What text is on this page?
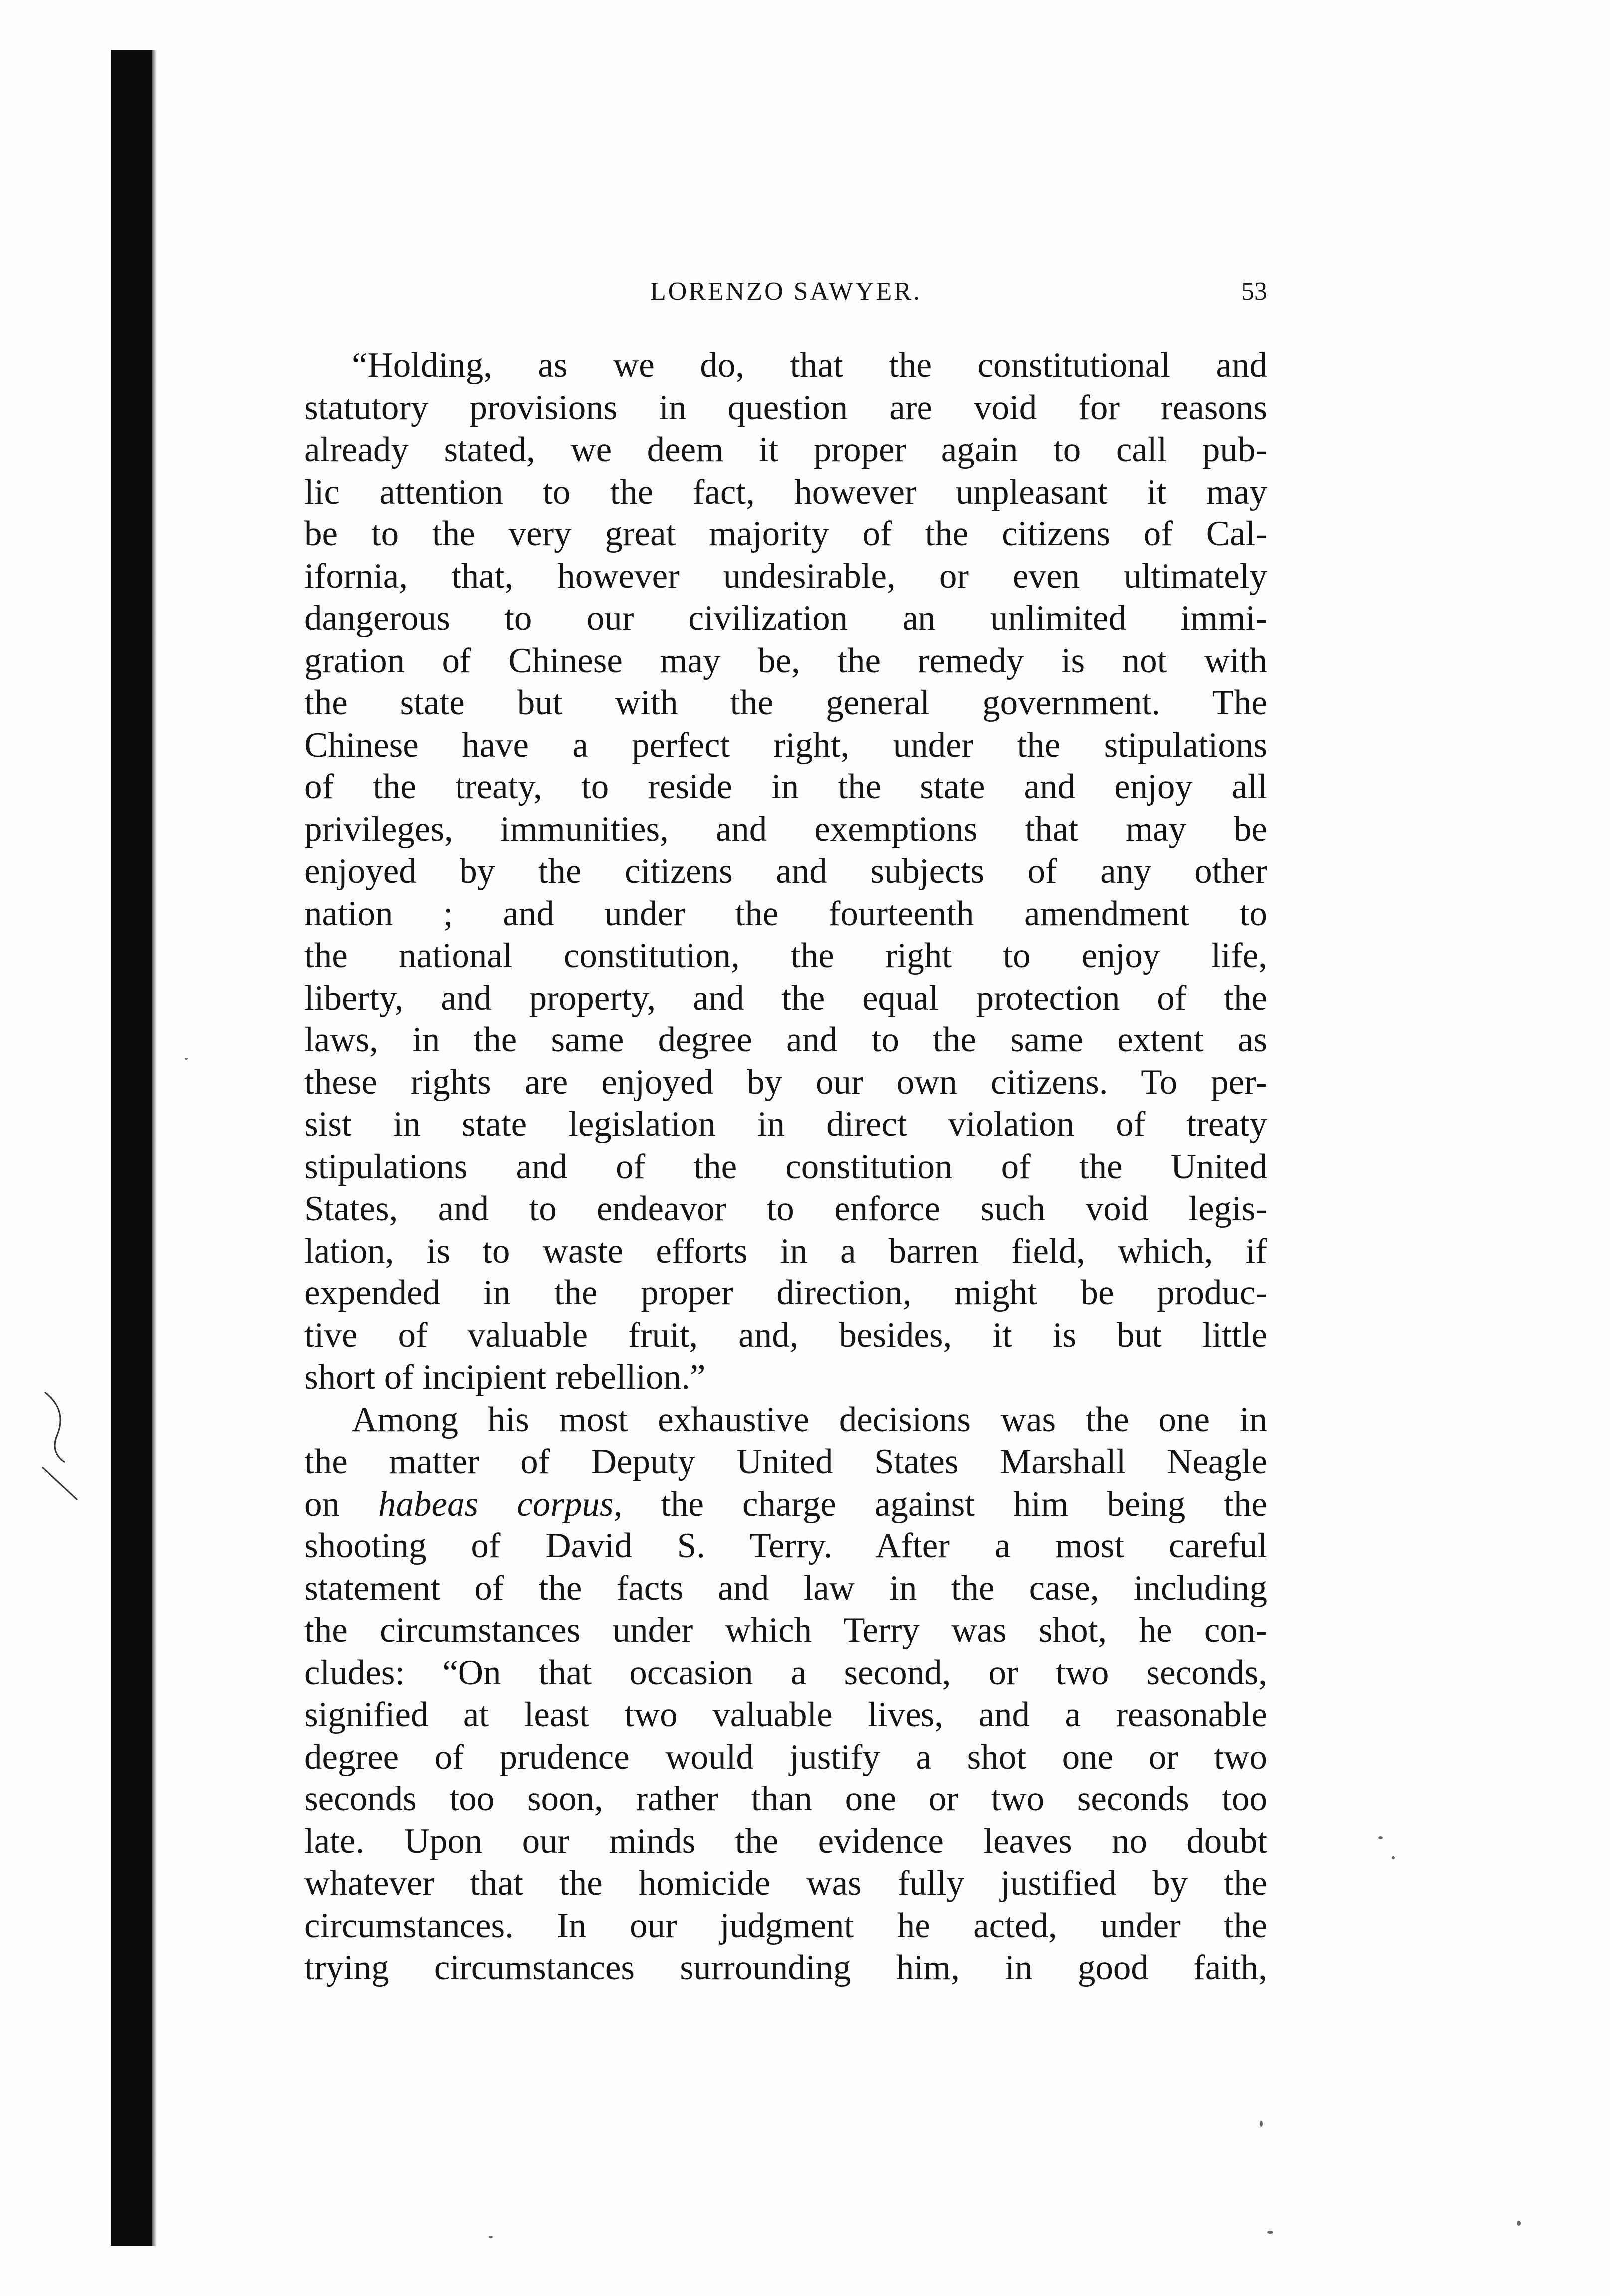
LORENZO SAWYER.	53
“Holding, as we do, that the constitutional and
statutory provisions in question are void for reasons
already stated, we deem it proper again to call pub-
lic attention to the fact, however unpleasant it may
be to the very great majority of the citizens of Cal-
ifornia, that, however undesirable, or even ultimately
dangerous to our civilization an unlimited immi-
gration of Chinese may be, the remedy is not with
the state but with the general government. The
Chinese have a perfect right, under the stipulations
of the treaty, to reside in the state and enjoy all
privileges, immunities, and exemptions that may be
enjoyed by the citizens and subjects of any other
nation ; and under the fourteenth amendment to
the national constitution, the right to enjoy life,
liberty, and property, and the equal protection of the
laws, in the same degree and to the same extent as
these rights are enjoyed by our own citizens. To per-
sist in state legislation in direct violation of treaty
stipulations and of the constitution of the United
States, and to endeavor to enforce such void legis-
lation, is to waste efforts in a barren field, which, if
expended in the proper direction, might be produc-
tive of valuable fruit, and, besides, it is but little
short of incipient rebellion.”
Among his most exhaustive decisions was the one in
the matter of Deputy United States Marshall Neagle
on habeas corpus, the charge against him being the
shooting of David S. Terry. After a most careful
statement of the facts and law in the case, including
the circumstances under which Terry was shot, he con-
cludes: “On that occasion a second, or two seconds,
signified at least two valuable lives, and a reasonable
degree of prudence would justify a shot one or two
seconds too soon, rather than one or two seconds too
late. Upon our minds the evidence leaves no doubt
whatever that the homicide was fully justified by the
circumstances. In our judgment he acted, under the
trying circumstances surrounding him, in good faith,
